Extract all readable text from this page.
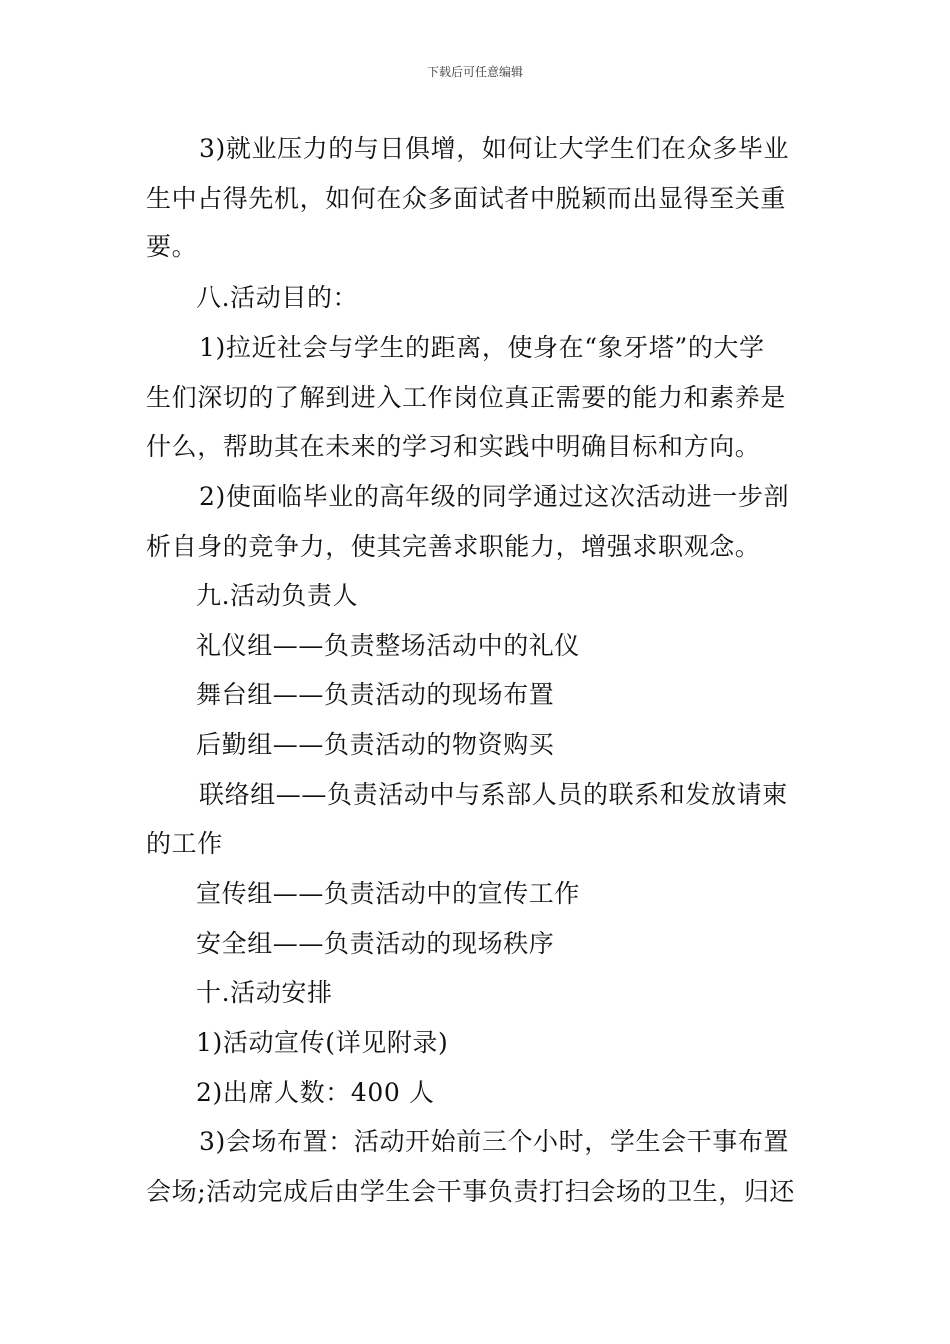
下载后可任意编辑
3)就业压力的与日俱增，如何让大学生们在众多毕业
生中占得先机，如何在众多面试者中脱颖而出显得至关重
要。
八.活动目的：
1)拉近社会与学生的距离，使身在“象牙塔”的大学
生们深切的了解到进入工作岗位真正需要的能力和素养是
什么，帮助其在未来的学习和实践中明确目标和方向。
2)使面临毕业的高年级的同学通过这次活动进一步剖
析自身的竞争力，使其完善求职能力，增强求职观念。
九.活动负责人
礼仪组——负责整场活动中的礼仪
舞台组——负责活动的现场布置
后勤组——负责活动的物资购买
联络组——负责活动中与系部人员的联系和发放请柬
的工作
宣传组——负责活动中的宣传工作
安全组——负责活动的现场秩序
十.活动安排
1)活动宣传(详见附录)
2)出席人数：400 人
3)会场布置：活动开始前三个小时，学生会干事布置
会场;活动完成后由学生会干事负责打扫会场的卫生，归还
